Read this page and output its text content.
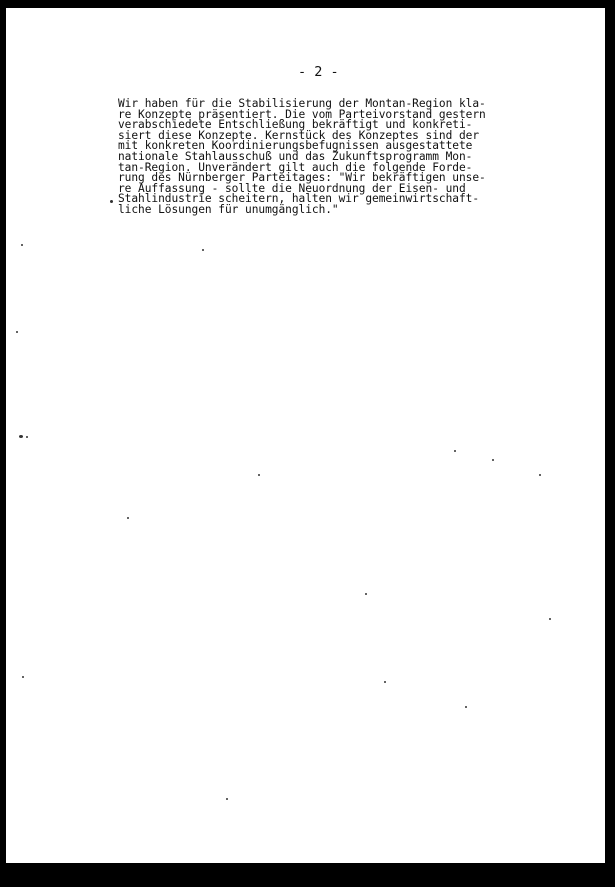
- 2 -
Wir haben für die Stabilisierung der Montan-Region kla-
re Konzepte präsentiert. Die vom Parteivorstand gestern
verabschiedete Entschließung bekräftigt und konkreti-
siert diese Konzepte. Kernstück des Konzeptes sind der
mit konkreten Koordinierungsbefugnissen ausgestattete
nationale Stahlausschuß und das Zukunftsprogramm Mon-
tan-Region. Unverändert gilt auch die folgende Forde-
rung des Nürnberger Parteitages: "Wir bekräftigen unse-
re Auffassung - sollte die Neuordnung der Eisen- und
Stahlindustrie scheitern, halten wir gemeinwirtschaft-
liche Lösungen für unumgänglich."
